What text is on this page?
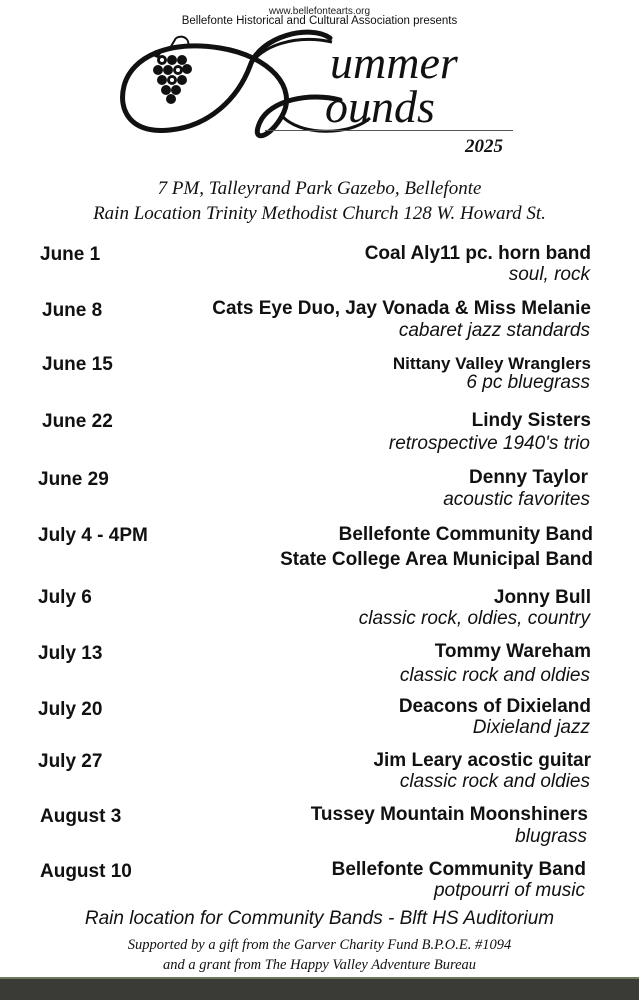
www.bellefontearts.org
Bellefonte Historical and Cultural Association presents
ummer
ounds
2025
7 PM, Talleyrand Park Gazebo, Bellefonte
Rain Location Trinity Methodist Church 128 W. Howard St.
June 1	Coal Aly11 pc. horn band
soul, rock
June 8	Cats Eye Duo, Jay Vonada & Miss Melanie
cabaret jazz standards
June 15	Nittany Valley Wranglers
6 pc bluegrass
June 22	Lindy Sisters
retrospective 1940's trio
June 29	Denny Taylor
acoustic favorites
July 4 - 4PM	Bellefonte Community Band
State College Area Municipal Band
July 6	Jonny Bull
classic rock, oldies, country
July 13	Tommy Wareham
classic rock and oldies
July 20	Deacons of Dixieland
Dixieland jazz
July 27	Jim Leary acostic guitar
classic rock and oldies
August 3	Tussey Mountain Moonshiners
blugrass
August 10	Bellefonte Community Band
potpourri of music
Rain location for Community Bands - Blft HS Auditorium
Supported by a gift from the Garver Charity Fund B.P.O.E. #1094
and a grant from The Happy Valley Adventure Bureau
